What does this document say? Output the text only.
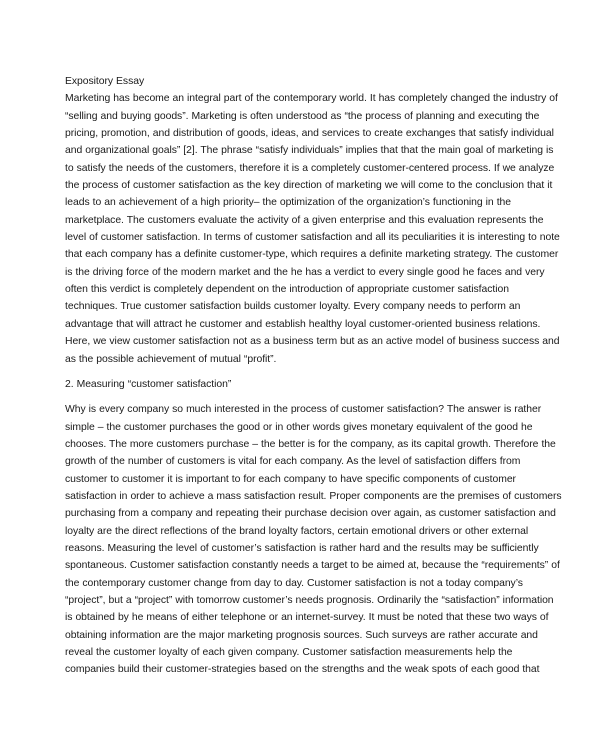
Expository Essay
Marketing has become an integral part of the contemporary world. It has completely changed the industry of
“selling and buying goods”. Marketing is often understood as “the process of planning and executing the
pricing, promotion, and distribution of goods, ideas, and services to create exchanges that satisfy individual
and organizational goals” [2]. The phrase “satisfy individuals” implies that that the main goal of marketing is
to satisfy the needs of the customers, therefore it is a completely customer-centered process. If we analyze
the process of customer satisfaction as the key direction of marketing we will come to the conclusion that it
leads to an achievement of a high priority– the optimization of the organization’s functioning in the
marketplace. The customers evaluate the activity of a given enterprise and this evaluation represents the
level of customer satisfaction. In terms of customer satisfaction and all its peculiarities it is interesting to note
that each company has a definite customer-type, which requires a definite marketing strategy. The customer
is the driving force of the modern market and the he has a verdict to every single good he faces and very
often this verdict is completely dependent on the introduction of appropriate customer satisfaction
techniques. True customer satisfaction builds customer loyalty. Every company needs to perform an
advantage that will attract he customer and establish healthy loyal customer-oriented business relations.
Here, we view customer satisfaction not as a business term but as an active model of business success and
as the possible achievement of mutual “profit”.
2. Measuring “customer satisfaction”
Why is every company so much interested in the process of customer satisfaction? The answer is rather
simple – the customer purchases the good or in other words gives monetary equivalent of the good he
chooses. The more customers purchase – the better is for the company, as its capital growth. Therefore the
growth of the number of customers is vital for each company. As the level of satisfaction differs from
customer to customer it is important to for each company to have specific components of customer
satisfaction in order to achieve a mass satisfaction result. Proper components are the premises of customers
purchasing from a company and repeating their purchase decision over again, as customer satisfaction and
loyalty are the direct reflections of the brand loyalty factors, certain emotional drivers or other external
reasons. Measuring the level of customer’s satisfaction is rather hard and the results may be sufficiently
spontaneous. Customer satisfaction constantly needs a target to be aimed at, because the “requirements” of
the contemporary customer change from day to day. Customer satisfaction is not a today company’s
“project”, but a “project” with tomorrow customer’s needs prognosis. Ordinarily the “satisfaction” information
is obtained by he means of either telephone or an internet-survey. It must be noted that these two ways of
obtaining information are the major marketing prognosis sources. Such surveys are rather accurate and
reveal the customer loyalty of each given company. Customer satisfaction measurements help the
companies build their customer-strategies based on the strengths and the weak spots of each good that
